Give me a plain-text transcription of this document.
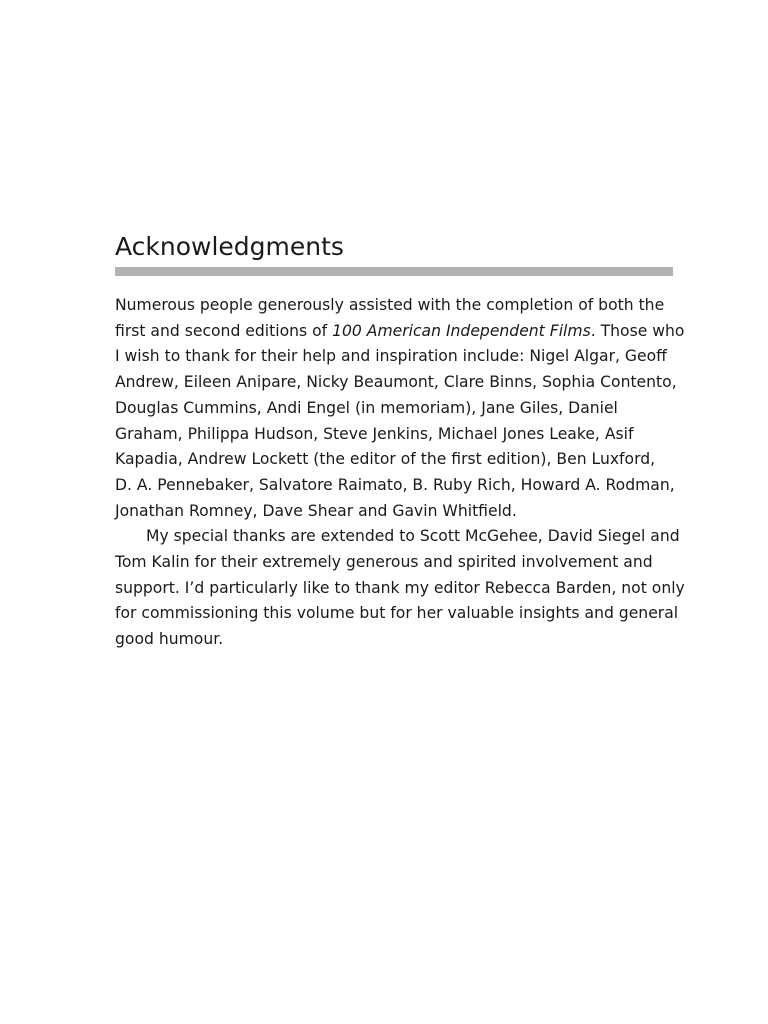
Acknowledgments
Numerous people generously assisted with the completion of both the
first and second editions of 100 American Independent Films. Those who
I wish to thank for their help and inspiration include: Nigel Algar, Geoff
Andrew, Eileen Anipare, Nicky Beaumont, Clare Binns, Sophia Contento,
Douglas Cummins, Andi Engel (in memoriam), Jane Giles, Daniel
Graham, Philippa Hudson, Steve Jenkins, Michael Jones Leake, Asif
Kapadia, Andrew Lockett (the editor of the first edition), Ben Luxford,
D. A. Pennebaker, Salvatore Raimato, B. Ruby Rich, Howard A. Rodman,
Jonathan Romney, Dave Shear and Gavin Whitfield.
My special thanks are extended to Scott McGehee, David Siegel and
Tom Kalin for their extremely generous and spirited involvement and
support. I’d particularly like to thank my editor Rebecca Barden, not only
for commissioning this volume but for her valuable insights and general
good humour.
